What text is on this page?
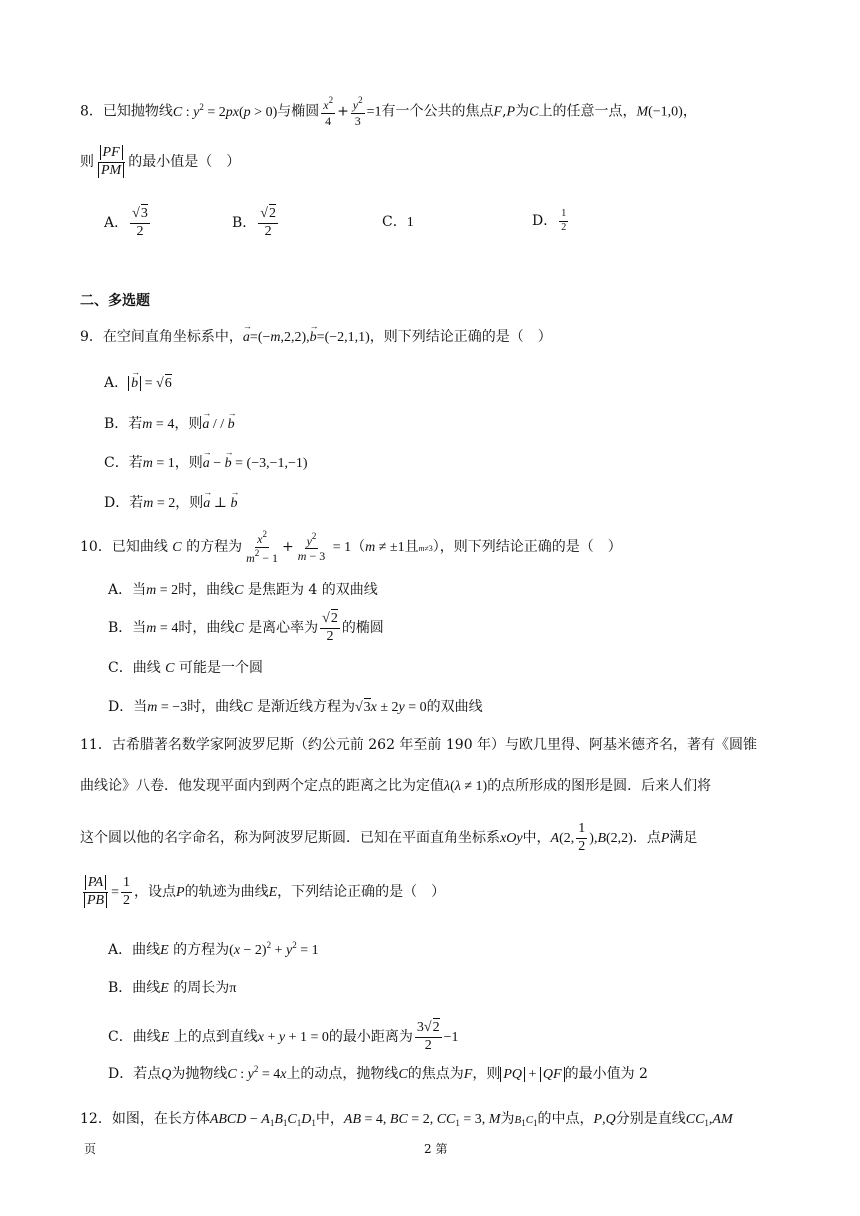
8．已知抛物线C : $y^2 = 2px(p > 0)$与椭圆 $\frac{x^2}{4} + \frac{y^2}{3} =1$有一个公共的焦点F,P为C上的任意一点，M(−1,0)，
则 $\frac{PF}{PM}$ 的最小值是（　）
A． $\frac{√3}{2}$	B． $\frac{√2}{2}$	C．1	D． $\frac{1}{2}$
二、多选题
9．在空间直角坐标系中，→ a=(−m,2,2),→ b=(−2,1,1)，则下列结论正确的是（　）
A．→ b = √6
B．若m = 4，则→ a / / → b
C．若m = 1，则→ a − → b = (−3,−1,−1)
D．若m = 2，则→ a ⊥ → b
10．已知曲线 C 的方程为 $\frac{x^2}{m^2 - 1} + \frac{y^2}{m - 3} = 1(m \ne \pm 1$且m≠3），则下列结论正确的是（　）
A．当m = 2时，曲线C 是焦距为 4 的双曲线
B．当m = 4时，曲线C 是离心率为 $\frac{√2}{2}$ 的椭圆
C．曲线 C 可能是一个圆
D．当m = −3时，曲线C 是渐近线方程为√3x ± 2y = 0的双曲线
11．古希腊著名数学家阿波罗尼斯（约公元前 262 年至前 190 年）与欧几里得、阿基米德齐名，著有《圆锥
曲线论》八卷．他发现平面内到两个定点的距离之比为定值λ(λ ≠ 1)的点所形成的图形是圆．后来人们将
这个圆以他的名字命名，称为阿波罗尼斯圆．已知在平面直角坐标系xOy中，A(2, $\frac{1}{2} ),B(2,2)$．点P满足
$\frac{PA}{PB} = \frac{1}{2}$ ，设点P的轨迹为曲线E，下列结论正确的是（　）
A．曲线E 的方程为$(x - 2)^2 + y^2 = 1$
B．曲线E 的周长为π
C．曲线E 上的点到直线x + y + 1 = 0的最小距离为 $\frac{3√2}{2} -1$
D．若点Q为抛物线C : $y^2 = 4x$上的动点，抛物线C的焦点为F，则 PQ + QF 的最小值为 2
12．如图，在长方体ABCD − $A_1B_1C_1D_1$中，AB = 4, BC = 2, $CC_1 = 3$, M为$B_1C_1$的中点，P,Q分别是直线$CC_1,AM$
页	2 第
